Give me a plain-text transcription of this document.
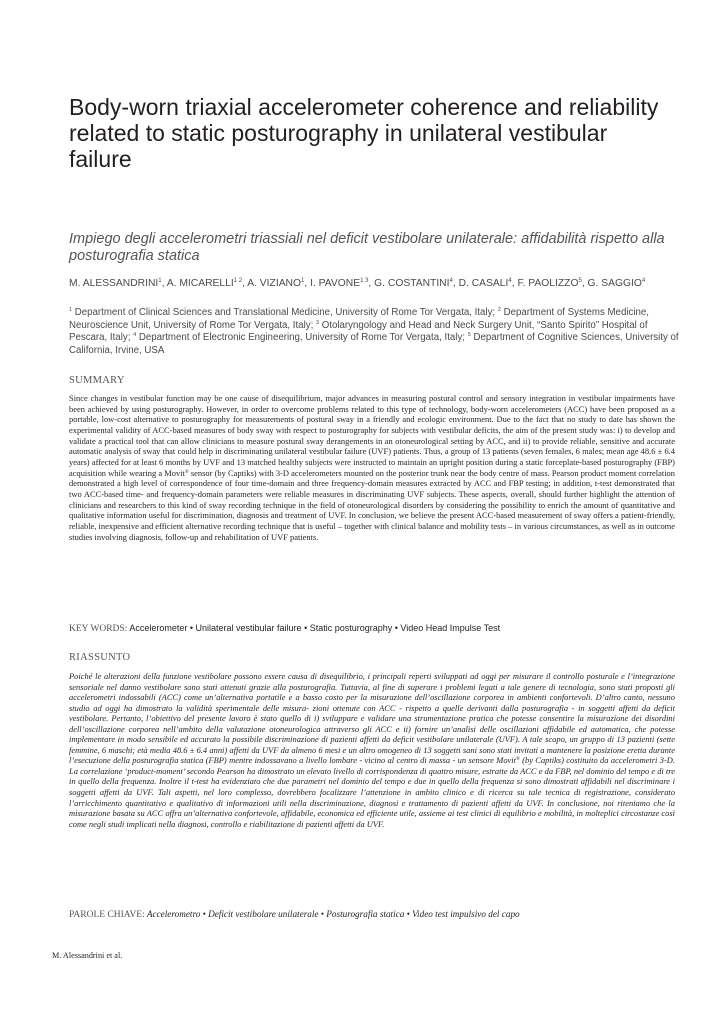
Body-worn triaxial accelerometer coherence and reliability related to static posturography in unilateral vestibular failure
Impiego degli accelerometri triassiali nel deficit vestibolare unilaterale: affidabilità rispetto alla posturografia statica
M. ALESSANDRINI$^1$, A. $MICARELLI^{1 2}$, A. VIZIANO$^1$, I. $PAVONE^{1 3}$, G. COSTANTINI$^4$, D. CASALI$^4$, F. PAOLIZZO$^5$, G. SAGGIO$^4$
$^1$ Department of Clinical Sciences and Translational Medicine, University of Rome Tor Vergata, Italy; $^2$ Department of Systems Medicine, Neuroscience Unit, University of Rome Tor Vergata, Italy; $^3$ Otolaryngology and Head and Neck Surgery Unit, “Santo Spirito” Hospital of Pescara, Italy; $^4$ Department of Electronic Engineering, University of Rome Tor Vergata, Italy; $^5$ Department of Cognitive Sciences, University of California, Irvine, USA
SUMMARY

Since changes in vestibular function may be one cause of disequilibrium, major advances in measuring postural control and sensory integration in vestibular impairments have been achieved by using posturography. However, in order to overcome problems related to this type of technology, body-worn accelerometers (ACC) have been proposed as a portable, low-cost alternative to posturography for measurements of postural sway in a friendly and ecologic environment. Due to the fact that no study to date has shown the experimental validity of ACC-based measures of body sway with respect to posturography for subjects with vestibular deficits, the aim of the present study was: i) to develop and validate a practical tool that can allow clinicians to measure postural sway derangements in an otoneurological setting by ACC, and ii) to provide reliable, sensitive and accurate automatic analysis of sway that could help in discriminating unilateral vestibular failure (UVF) patients. Thus, a group of 13 patients (seven females, 6 males; mean age 48.6 ± 6.4 years) affected for at least 6 months by UVF and 13 matched healthy subjects were instructed to maintain an upright position during a static forceplate-based posturography (FBP) acquisition while wearing a Movit® sensor (by Captiks) with 3-D accelerometers mounted on the posterior trunk near the body centre of mass. Pearson product moment correlation demonstrated a high level of correspondence of four time-domain and three frequency-domain measures extracted by ACC and FBP testing; in addition, t-test demonstrated that two ACC-based time- and frequency-domain parameters were reliable measures in discriminating UVF subjects. These aspects, overall, should further highlight the attention of clinicians and researchers to this kind of sway recording technique in the field of otoneurological disorders by considering the possibility to enrich the amount of quantitative and qualitative information useful for discrimination, diagnosis and treatment of UVF. In conclusion, we believe the present ACC-based measurement of sway offers a patient-friendly, reliable, inexpensive and efficient alternative recording technique that is useful – together with clinical balance and mobility tests – in various circumstances, as well as in outcome studies involving diagnosis, follow-up and rehabilitation of UVF patients.

KEY WORDS: Accelerometer • Unilateral vestibular failure • Static posturography • Video Head Impulse Test
RIASSUNTO

Poiché le alterazioni della funzione vestibolare possono essere causa di disequilibrio, i principali reperti sviluppati ad oggi per misurare il controllo posturale e l’integrazione sensoriale nel danno vestibolare sono stati ottenuti grazie alla posturografia. Tuttavia, al fine di superare i problemi legati a tale genere di tecnologia, sono stati proposti gli accelerometri indossabili (ACC) come un’alternativa portatile e a basso costo per la misurazione dell’oscillazione corporea in ambienti confortevoli. D’altro canto, nessuno studio ad oggi ha dimostrato la validità sperimentale delle misura- zioni ottenute con ACC - rispetto a quelle derivanti dalla posturografia - in soggetti affetti da deficit vestibolare. Pertanto, l’obiettivo del presente lavoro è stato quello di i) sviluppare e validare una strumentazione pratica che potesse consentire la misurazione dei disordini dell’oscillazione corporea nell’ambito della valutazione otoneurologica attraverso gli ACC e ii) fornire un’analisi delle oscillazioni affidabile ed automatica, che potesse implementare in modo sensibile ed accurato la possibile discriminazione di pazienti affetti da deficit vestibolare unilaterale (UVF). A tale scopo, un gruppo di 13 pazienti (sette femmine, 6 maschi; età media 48.6 ± 6.4 anni) affetti da UVF da almeno 6 mesi e un altro omogeneo di 13 soggetti sani sono stati invitati a mantenere la posizione eretta durante l’esecuzione della posturografia statica (FBP) mentre indossavano a livello lombare - vicino al centro di massa - un sensore Movit® (by Captiks) costituito da accelerometri 3-D. La correlazione ‘product-moment’ secondo Pearson ha dimostrato un elevato livello di corrispondenza di quattro misure, estratte da ACC e da FBP, nel dominio del tempo e di tre in quello della frequenza. Inoltre il t-test ha evidenziato che due parametri nel dominio del tempo e due in quello della frequenza si sono dimostrati affidabili nel discriminare i soggetti affetti da UVF. Tali aspetti, nel loro complesso, dovrebbero focalizzare l’attenzione in ambito clinico e di ricerca su tale tecnica di registrazione, considerato l’arricchimento quantitativo e qualitativo di informazioni utili nella discriminazione, diagnosi e trattamento di pazienti affetti da UVF. In conclusione, noi riteniamo che la misurazione basata su ACC offra un’alternativa confortevole, affidabile, economica ed efficiente utile, assieme ai test clinici di equilibrio e mobilità, in molteplici circostanze così come negli studi implicati nella diagnosi, controllo e riabilitazione di pazienti affetti da UVF.

PAROLE CHIAVE: Accelerometro • Deficit vestibolare unilaterale • Posturografia statica • Video test impulsivo del capo
M. Alessandrini et al.
